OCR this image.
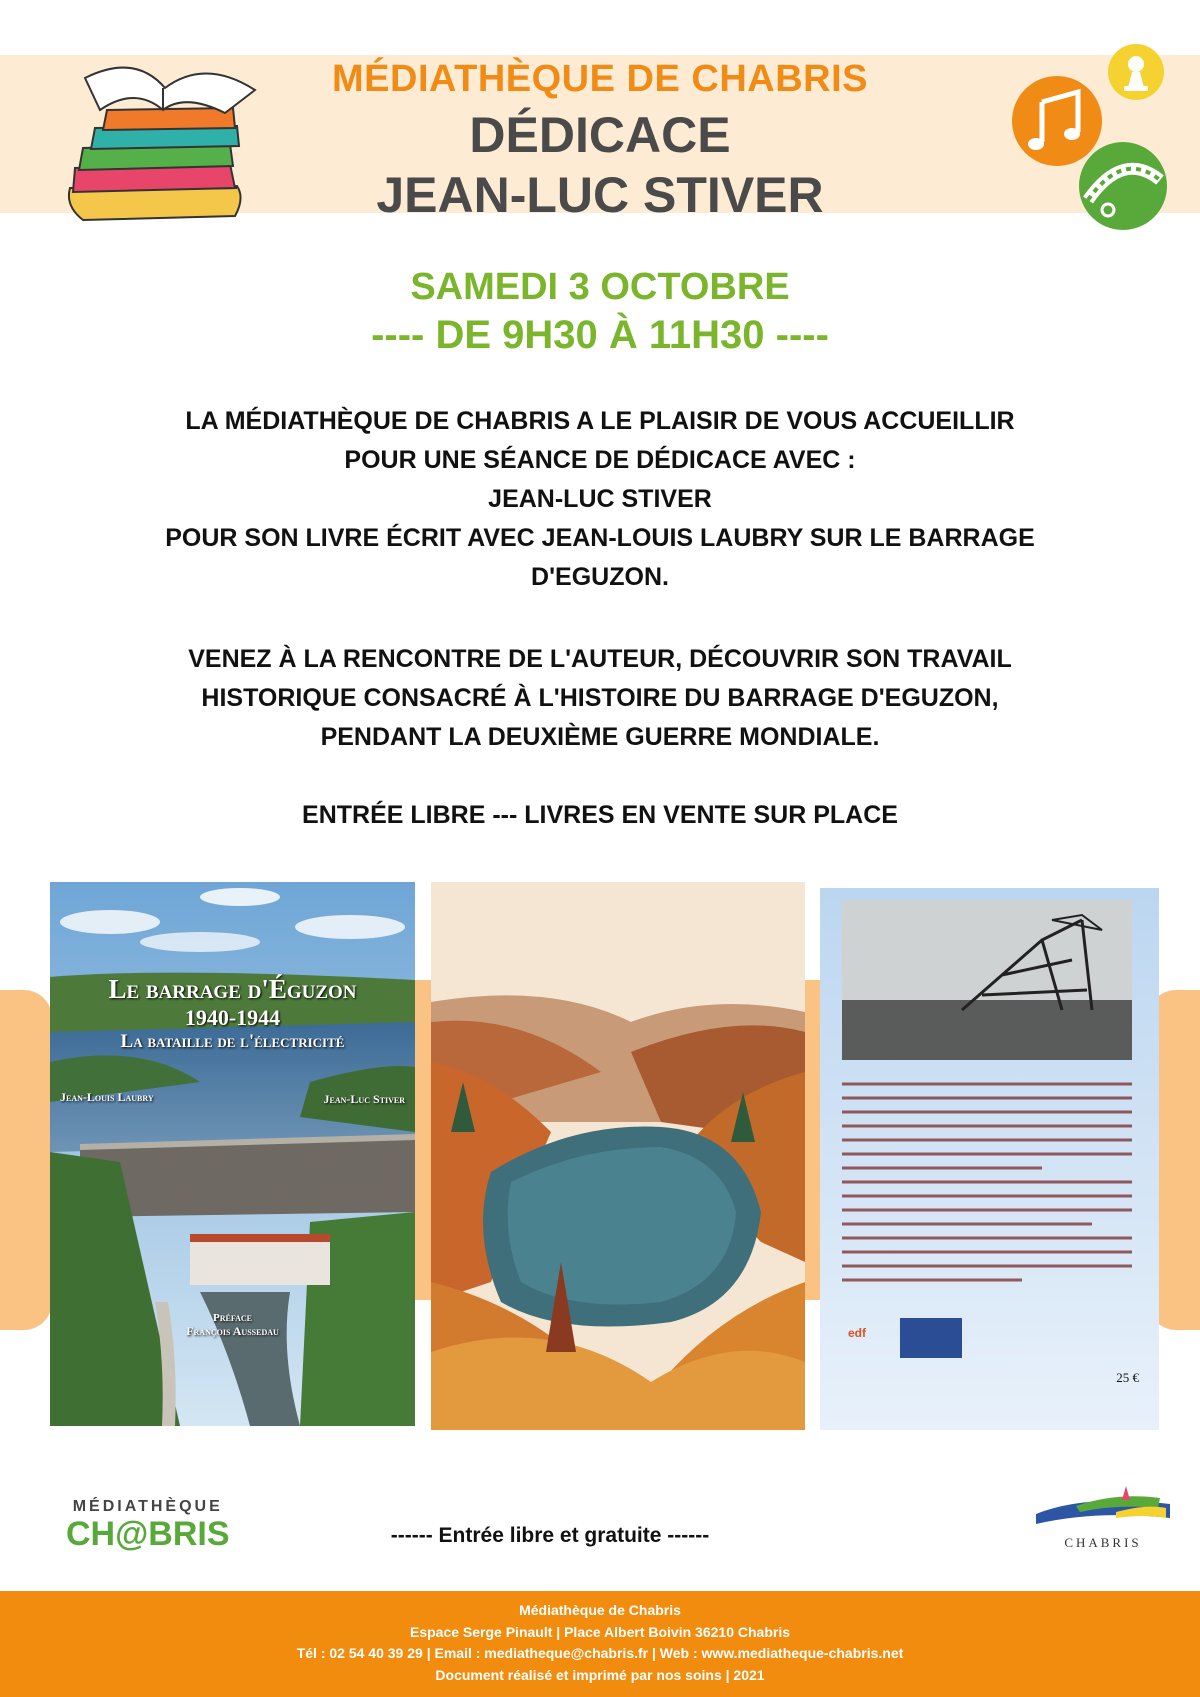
MÉDIATHÈQUE DE CHABRIS
DÉDICACE
JEAN-LUC STIVER
SAMEDI 3 OCTOBRE
---- DE 9H30 À 11H30 ----
LA MÉDIATHÈQUE DE CHABRIS A LE PLAISIR DE VOUS ACCUEILLIR
POUR UNE SÉANCE DE DÉDICACE AVEC :
JEAN-LUC STIVER
POUR SON LIVRE ÉCRIT AVEC JEAN-LOUIS LAUBRY SUR LE BARRAGE
D'EGUZON.
VENEZ À LA RENCONTRE DE L'AUTEUR, DÉCOUVRIR SON TRAVAIL
HISTORIQUE CONSACRÉ À L'HISTOIRE DU BARRAGE D'EGUZON,
PENDANT LA DEUXIÈME GUERRE MONDIALE.
ENTRÉE LIBRE --- LIVRES EN VENTE SUR PLACE
Le barrage d'Éguzon
1940-1944
La bataille de l'électricité
Jean-Louis Laubry	Jean-Luc Stiver
Préface
François Aussedau	edf
25 €
MÉDIATHÈQUE
CH@BRIS	------ Entrée libre et gratuite ------	CHABRIS
Médiathèque de Chabris
Espace Serge Pinault | Place Albert Boivin 36210 Chabris
Tél : 02 54 40 39 29 | Email : mediatheque@chabris.fr | Web : www.mediatheque-chabris.net
Document réalisé et imprimé par nos soins | 2021
